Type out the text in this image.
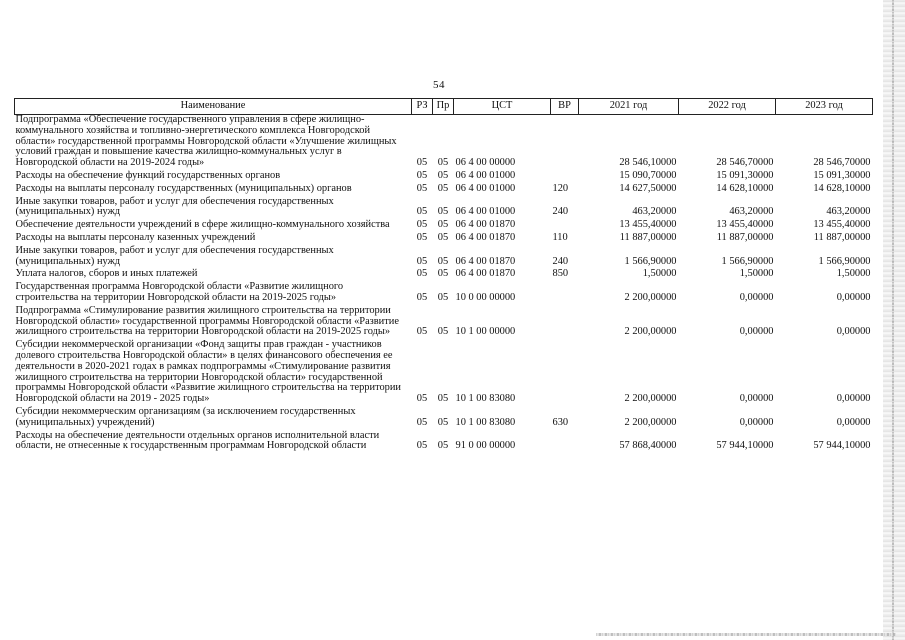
54
Наименование	РЗ	Пр	ЦСТ	ВР	2021 год	2022 год	2023 год
Подпрограмма «Обеспечение государственного управления в сфере жилищно-коммунального хозяйства и топливно-энергетического комплекса Новгородской области» государственной программы Новгородской области «Улучшение жилищных условий граждан и повышение качества жилищно-коммунальных услуг в Новгородской области на 2019-2024 годы»	05	05	06 4 00 00000		28 546,10000	28 546,70000	28 546,70000
Расходы на обеспечение функций государственных органов	05	05	06 4 00 01000		15 090,70000	15 091,30000	15 091,30000
Расходы на выплаты персоналу государственных (муниципальных) органов	05	05	06 4 00 01000	120	14 627,50000	14 628,10000	14 628,10000
Иные закупки товаров, работ и услуг для обеспечения государственных (муниципальных) нужд	05	05	06 4 00 01000	240	463,20000	463,20000	463,20000
Обеспечение деятельности учреждений в сфере жилищно-коммунального хозяйства	05	05	06 4 00 01870		13 455,40000	13 455,40000	13 455,40000
Расходы на выплаты персоналу казенных учреждений	05	05	06 4 00 01870	110	11 887,00000	11 887,00000	11 887,00000
Иные закупки товаров, работ и услуг для обеспечения государственных (муниципальных) нужд	05	05	06 4 00 01870	240	1 566,90000	1 566,90000	1 566,90000
Уплата налогов, сборов и иных платежей	05	05	06 4 00 01870	850	1,50000	1,50000	1,50000
Государственная программа Новгородской области «Развитие жилищного строительства на территории Новгородской области на 2019-2025 годы»	05	05	10 0 00 00000		2 200,00000	0,00000	0,00000
Подпрограмма «Стимулирование развития жилищного строительства на территории Новгородской области» государственной программы Новгородской области «Развитие жилищного строительства на территории Новгородской области на 2019-2025 годы»	05	05	10 1 00 00000		2 200,00000	0,00000	0,00000
Субсидии некоммерческой организации «Фонд защиты прав граждан - участников долевого строительства Новгородской области» в целях финансового обеспечения ее деятельности в 2020-2021 годах в рамках подпрограммы «Стимулирование развития жилищного строительства на территории Новгородской области» государственной программы Новгородской области «Развитие жилищного строительства на территории Новгородской области на 2019 - 2025 годы»	05	05	10 1 00 83080		2 200,00000	0,00000	0,00000
Субсидии некоммерческим организациям (за исключением государственных (муниципальных) учреждений)	05	05	10 1 00 83080	630	2 200,00000	0,00000	0,00000
Расходы на обеспечение деятельности отдельных органов исполнительной власти области, не отнесенные к государственным программам Новгородской области	05	05	91 0 00 00000		57 868,40000	57 944,10000	57 944,10000
